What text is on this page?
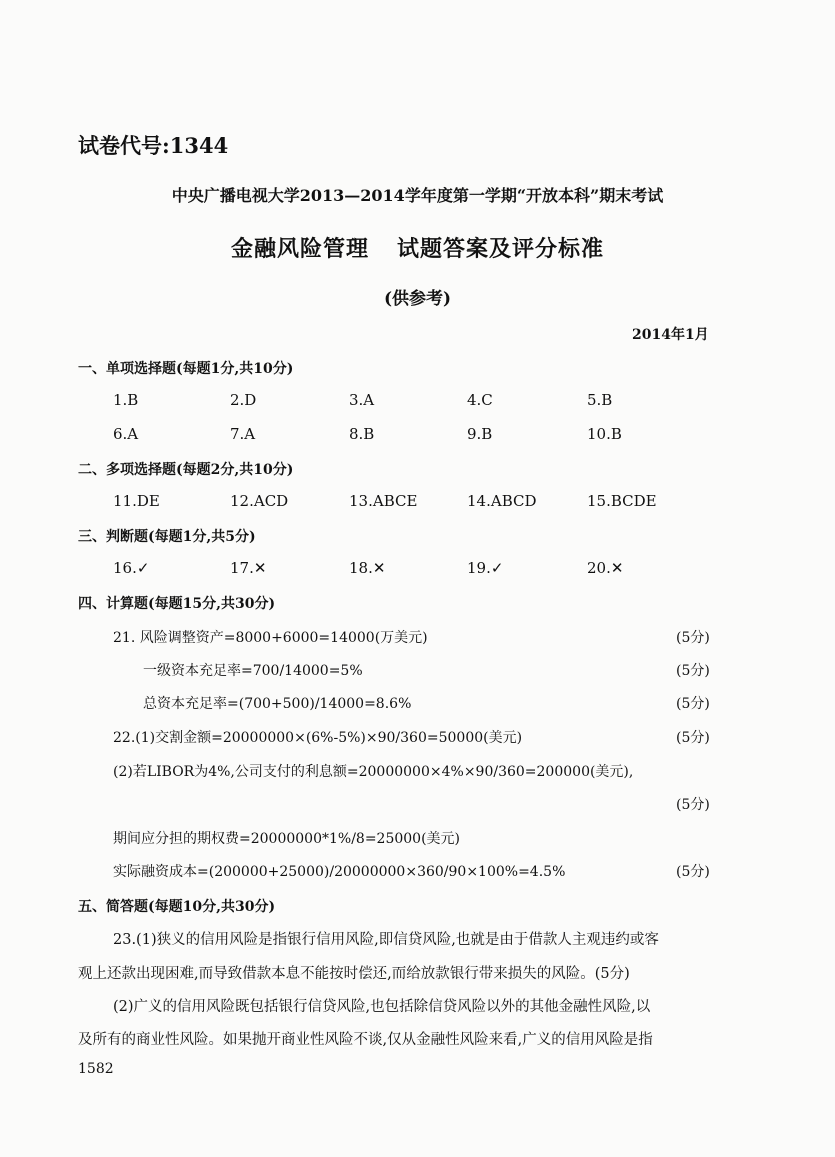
试卷代号:1344
中央广播电视大学2013—2014学年度第一学期“开放本科”期末考试
金融风险管理 试题答案及评分标准
(供参考)
2014年1月
一、单项选择题(每题1分,共10分)
1.B	2.D	3.A	4.C	5.B
6.A	7.A	8.B	9.B	10.B
二、多项选择题(每题2分,共10分)
11.DE	12.ACD	13.ABCE	14.ABCD	15.BCDE
三、判断题(每题1分,共5分)
16.✓	17.✕	18.✕	19.✓	20.✕
四、计算题(每题15分,共30分)
21. 风险调整资产=8000+6000=14000(万美元)	(5分)
一级资本充足率=700/14000=5%	(5分)
总资本充足率=(700+500)/14000=8.6%	(5分)
22.(1)交割金额=20000000×(6%-5%)×90/360=50000(美元)	(5分)
(2)若LIBOR为4%,公司支付的利息额=20000000×4%×90/360=200000(美元),
(5分)
期间应分担的期权费=20000000*1%/8=25000(美元)
实际融资成本=(200000+25000)/20000000×360/90×100%=4.5%	(5分)
五、简答题(每题10分,共30分)
23.(1)狭义的信用风险是指银行信用风险,即信贷风险,也就是由于借款人主观违约或客
观上还款出现困难,而导致借款本息不能按时偿还,而给放款银行带来损失的风险。(5分)
(2)广义的信用风险既包括银行信贷风险,也包括除信贷风险以外的其他金融性风险,以
及所有的商业性风险。如果抛开商业性风险不谈,仅从金融性风险来看,广义的信用风险是指
1582
